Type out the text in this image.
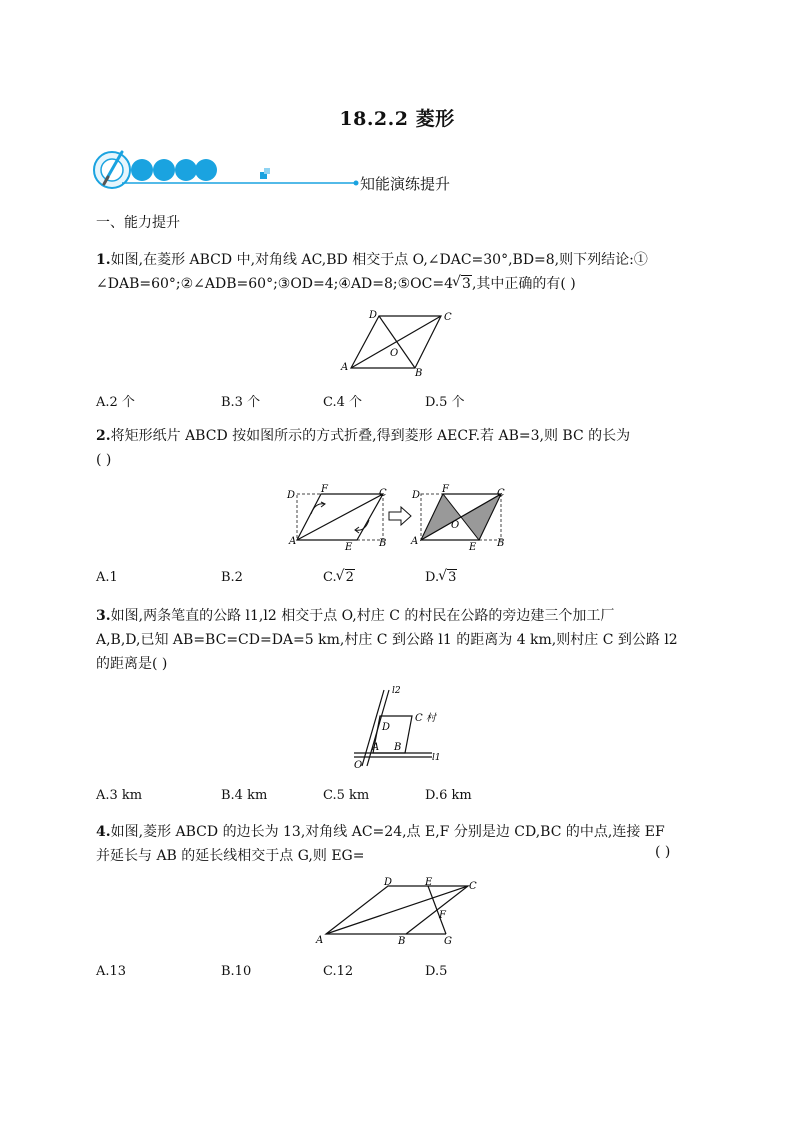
18.2.2 菱形
知能演练提升
一、能力提升
1.如图,在菱形 ABCD 中,对角线 AC,BD 相交于点 O,∠DAC=30°,BD=8,则下列结论:①
∠DAB=60°;②∠ADB=60°;③OD=4;④AD=8;⑤OC=4 √ 3,其中正确的有( )
D	C
A
B
O
A.2 个	B.3 个	C.4 个	D.5 个
2.将矩形纸片 ABCD 按如图所示的方式折叠,得到菱形 AECF.若 AB=3,则 BC 的长为
( )
D
F	C
A
E	B
D
F	C
A
O
E B
A.1	B.2	C. √ 2	D. √ 3
3.如图,两条笔直的公路 l1,l2 相交于点 O,村庄 C 的村民在公路的旁边建三个加工厂
A,B,D,已知 AB=BC=CD=DA=5 km,村庄 C 到公路 l1 的距离为 4 km,则村庄 C 到公路 l2
的距离是( )
l2
l1
C 村
D
A B
O
A.3 km	B.4 km	C.5 km	D.6 km
4.如图,菱形 ABCD 的边长为 13,对角线 AC=24,点 E,F 分别是边 CD,BC 的中点,连接 EF
并延长与 AB 的延长线相交于点 G,则 EG=	( )
D	E	C
F
A	B	G
A.13	B.10	C.12	D.5
